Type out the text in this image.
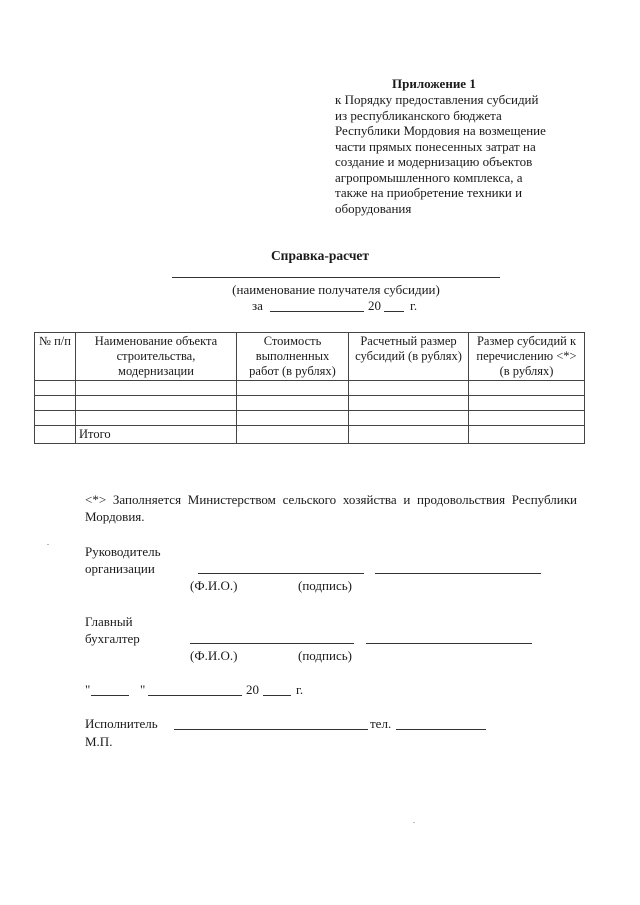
Приложение 1
к Порядку предоставления субсидий
из республиканского бюджета
Республики Мордовия на возмещение
части прямых понесенных затрат на
создание и модернизацию объектов
агропромышленного комплекса, а
также на приобретение техники и
оборудования
Справка-расчет
(наименование получателя субсидии)
за	20 г.
№ п/п	Наименование объекта строительства, модернизации	Стоимость выполненных работ (в рублях)	Расчетный размер субсидий (в рублях)	Размер субсидий к перечислению <*> (в рублях)

	Итого			
<*> Заполняется Министерством сельского хозяйства и продовольствия Республики Мордовия.
Руководитель
организации
(Ф.И.О.)	(подпись)
Главный
бухгалтер
(Ф.И.О.)	(подпись)
"	"	20	г.
Исполнитель	тел.
М.П.
